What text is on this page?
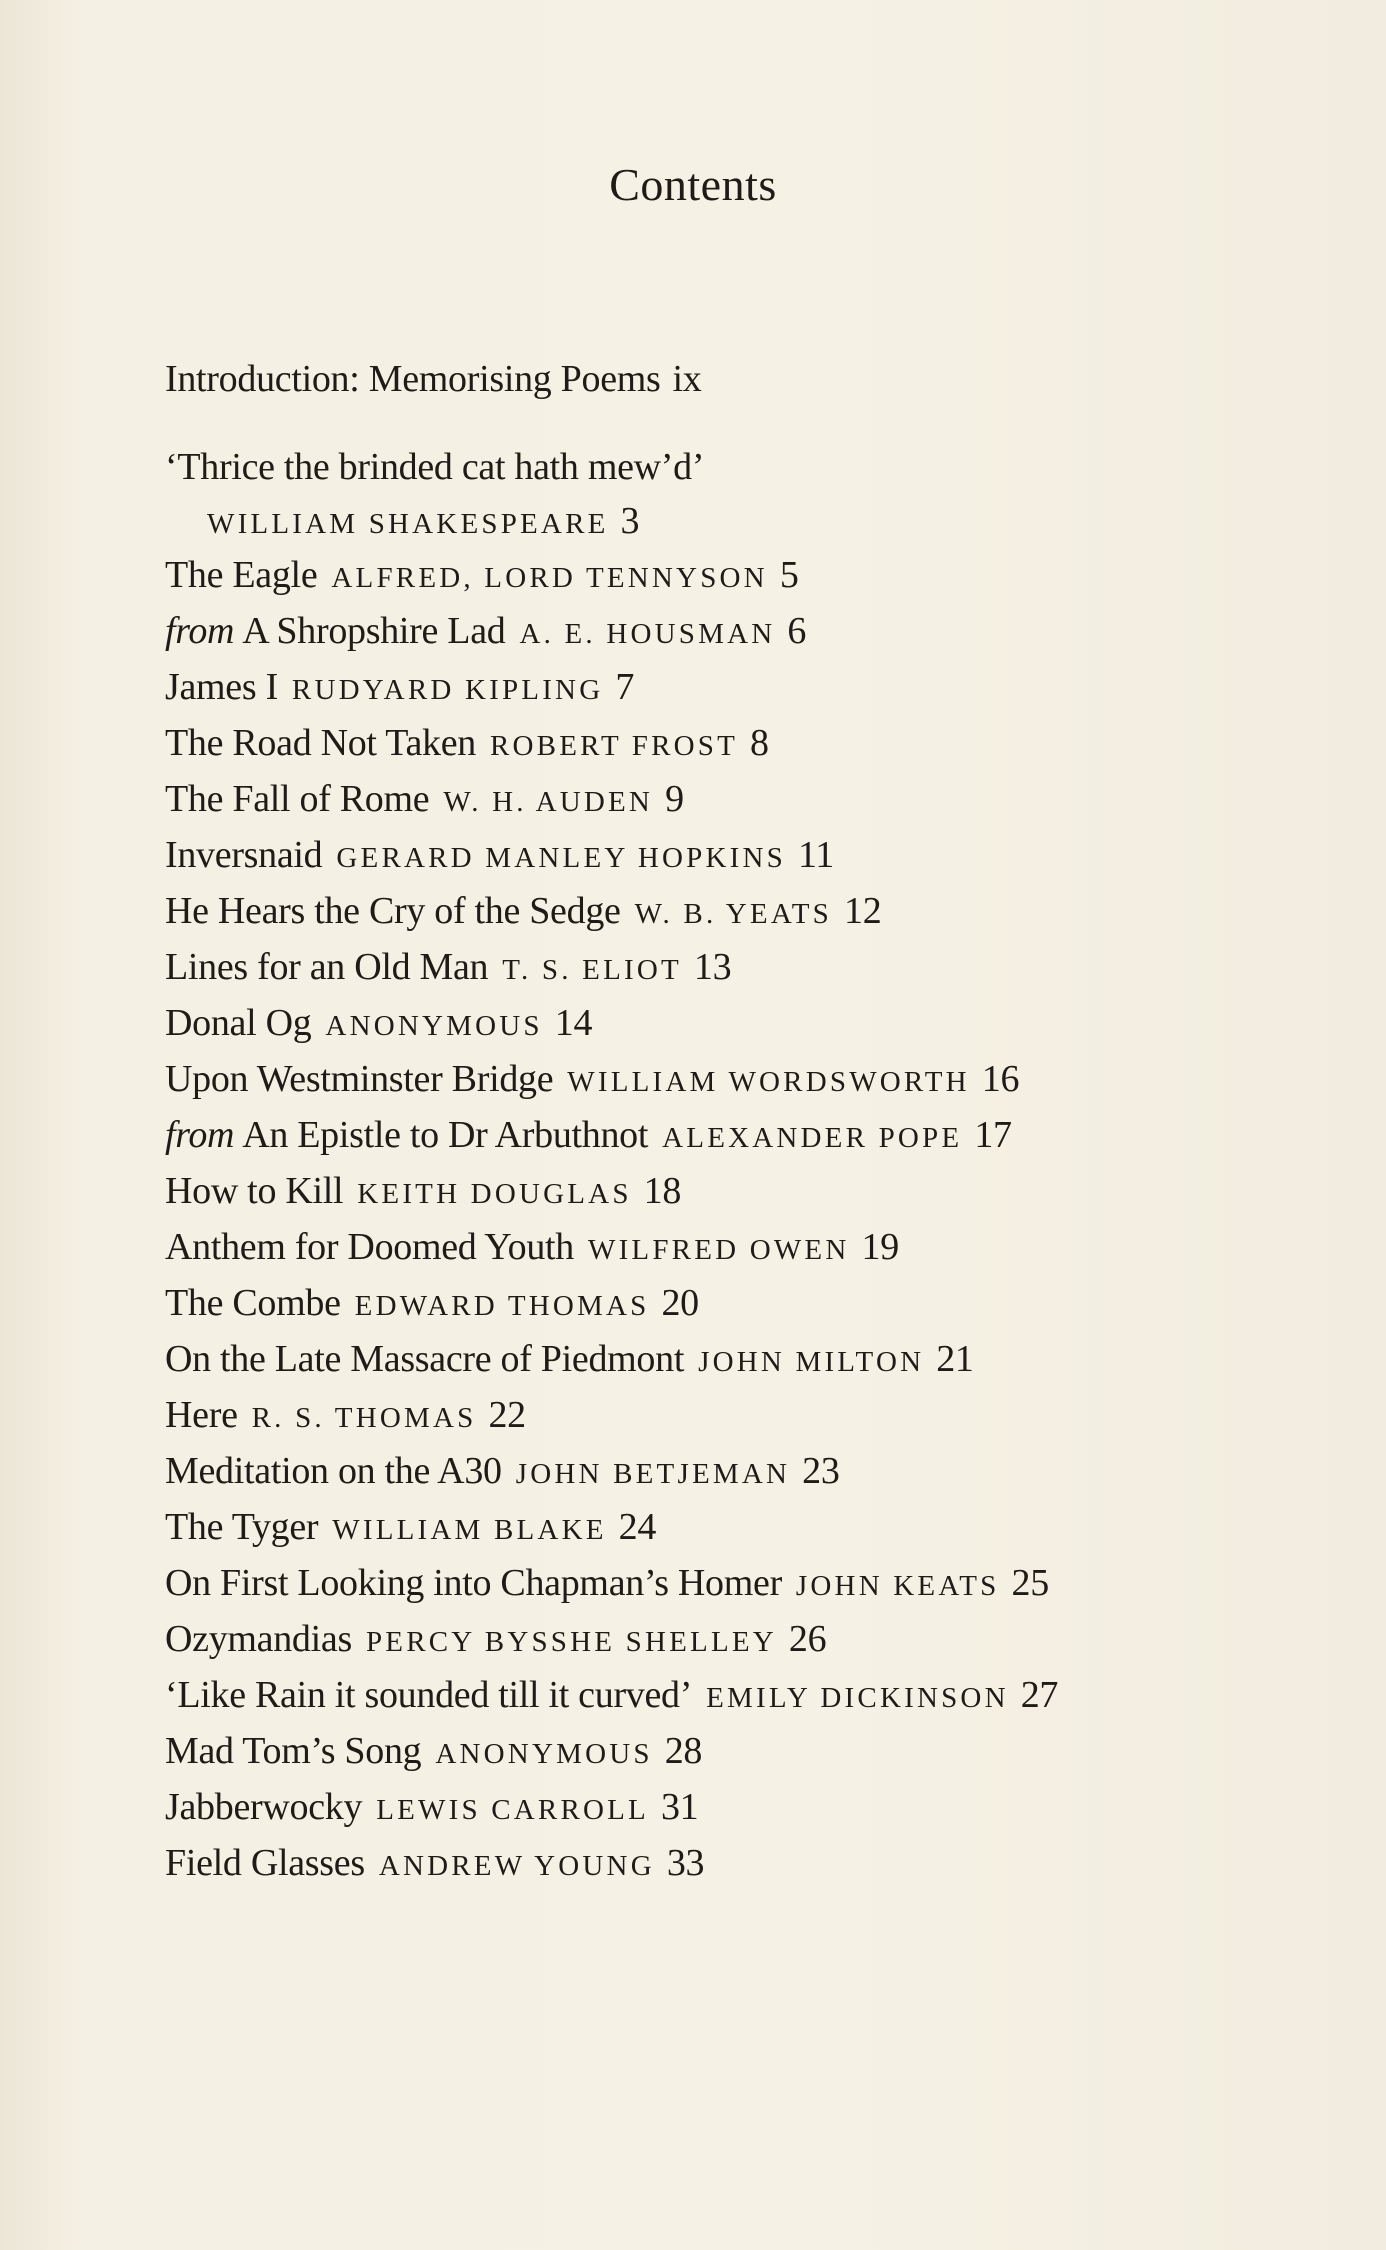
Contents
Introduction: Memorising Poems ix
‘Thrice the brinded cat hath mew’d’
WILLIAM SHAKESPEARE 3
The Eagle ALFRED, LORD TENNYSON 5
from A Shropshire Lad A. E. HOUSMAN 6
James I RUDYARD KIPLING 7
The Road Not Taken ROBERT FROST 8
The Fall of Rome W. H. AUDEN 9
Inversnaid GERARD MANLEY HOPKINS 11
He Hears the Cry of the Sedge W. B. YEATS 12
Lines for an Old Man T. S. ELIOT 13
Donal Og ANONYMOUS 14
Upon Westminster Bridge WILLIAM WORDSWORTH 16
from An Epistle to Dr Arbuthnot ALEXANDER POPE 17
How to Kill KEITH DOUGLAS 18
Anthem for Doomed Youth WILFRED OWEN 19
The Combe EDWARD THOMAS 20
On the Late Massacre of Piedmont JOHN MILTON 21
Here R. S. THOMAS 22
Meditation on the A30 JOHN BETJEMAN 23
The Tyger WILLIAM BLAKE 24
On First Looking into Chapman’s Homer JOHN KEATS 25
Ozymandias PERCY BYSSHE SHELLEY 26
‘Like Rain it sounded till it curved’ EMILY DICKINSON 27
Mad Tom’s Song ANONYMOUS 28
Jabberwocky LEWIS CARROLL 31
Field Glasses ANDREW YOUNG 33
